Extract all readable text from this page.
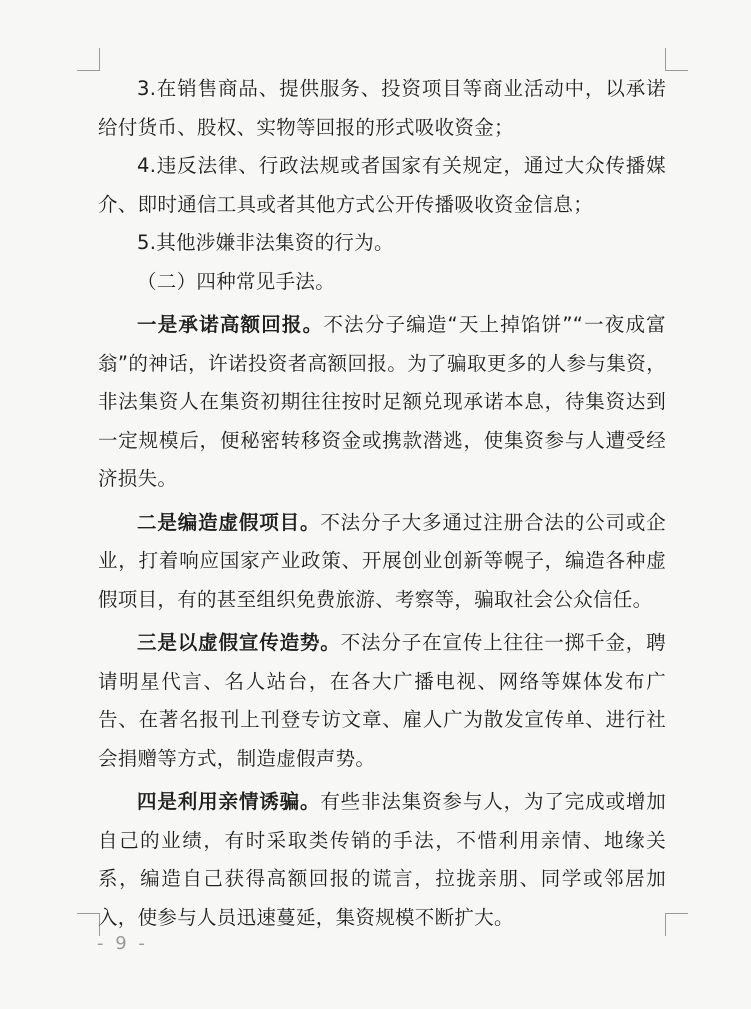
3.在销售商品、提供服务、投资项目等商业活动中，以承诺给付货币、股权、实物等回报的形式吸收资金；

4.违反法律、行政法规或者国家有关规定，通过大众传播媒介、即时通信工具或者其他方式公开传播吸收资金信息；

5.其他涉嫌非法集资的行为。

（二）四种常见手法。

一是承诺高额回报。不法分子编造“天上掉馅饼”“一夜成富翁”的神话，许诺投资者高额回报。为了骗取更多的人参与集资，非法集资人在集资初期往往按时足额兑现承诺本息，待集资达到一定规模后，便秘密转移资金或携款潜逃，使集资参与人遭受经济损失。

二是编造虚假项目。不法分子大多通过注册合法的公司或企业，打着响应国家产业政策、开展创业创新等幌子，编造各种虚假项目，有的甚至组织免费旅游、考察等，骗取社会公众信任。

三是以虚假宣传造势。不法分子在宣传上往往一掷千金，聘请明星代言、名人站台，在各大广播电视、网络等媒体发布广告、在著名报刊上刊登专访文章、雇人广为散发宣传单、进行社会捐赠等方式，制造虚假声势。

四是利用亲情诱骗。有些非法集资参与人，为了完成或增加自己的业绩，有时采取类传销的手法，不惜利用亲情、地缘关系，编造自己获得高额回报的谎言，拉拢亲朋、同学或邻居加入，使参与人员迅速蔓延，集资规模不断扩大。

- 9 -
